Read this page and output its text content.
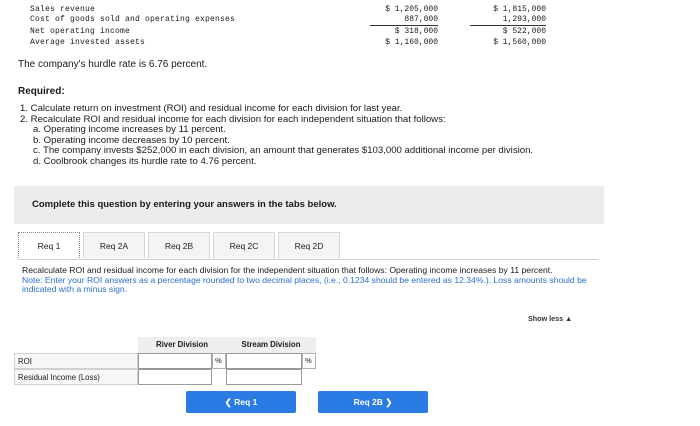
Sales revenue	$ 1,205,000	$ 1,815,000
Cost of goods sold and operating expenses	887,000	1,293,000
Net operating income	$ 318,000	$ 522,000
Average invested assets	$ 1,160,000	$ 1,560,000
The company's hurdle rate is 6.76 percent.
Required:
1. Calculate return on investment (ROI) and residual income for each division for last year.
2. Recalculate ROI and residual income for each division for each independent situation that follows:
a. Operating income increases by 11 percent.
b. Operating income decreases by 10 percent.
c. The company invests $252,000 in each division, an amount that generates $103,000 additional income per division.
d. Coolbrook changes its hurdle rate to 4.76 percent.
Complete this question by entering your answers in the tabs below.
Req 1	Req 2A	Req 2B	Req 2C	Req 2D
Recalculate ROI and residual income for each division for the independent situation that follows: Operating income increases by 11 percent.
Note: Enter your ROI answers as a percentage rounded to two decimal places, (i.e., 0.1234 should be entered as 12.34%.). Loss amounts should be indicated with a minus sign.
Show less ▲
River Division	Stream Division
ROI	%	%
Residual Income (Loss)
❮ Req 1	Req 2B ❯
